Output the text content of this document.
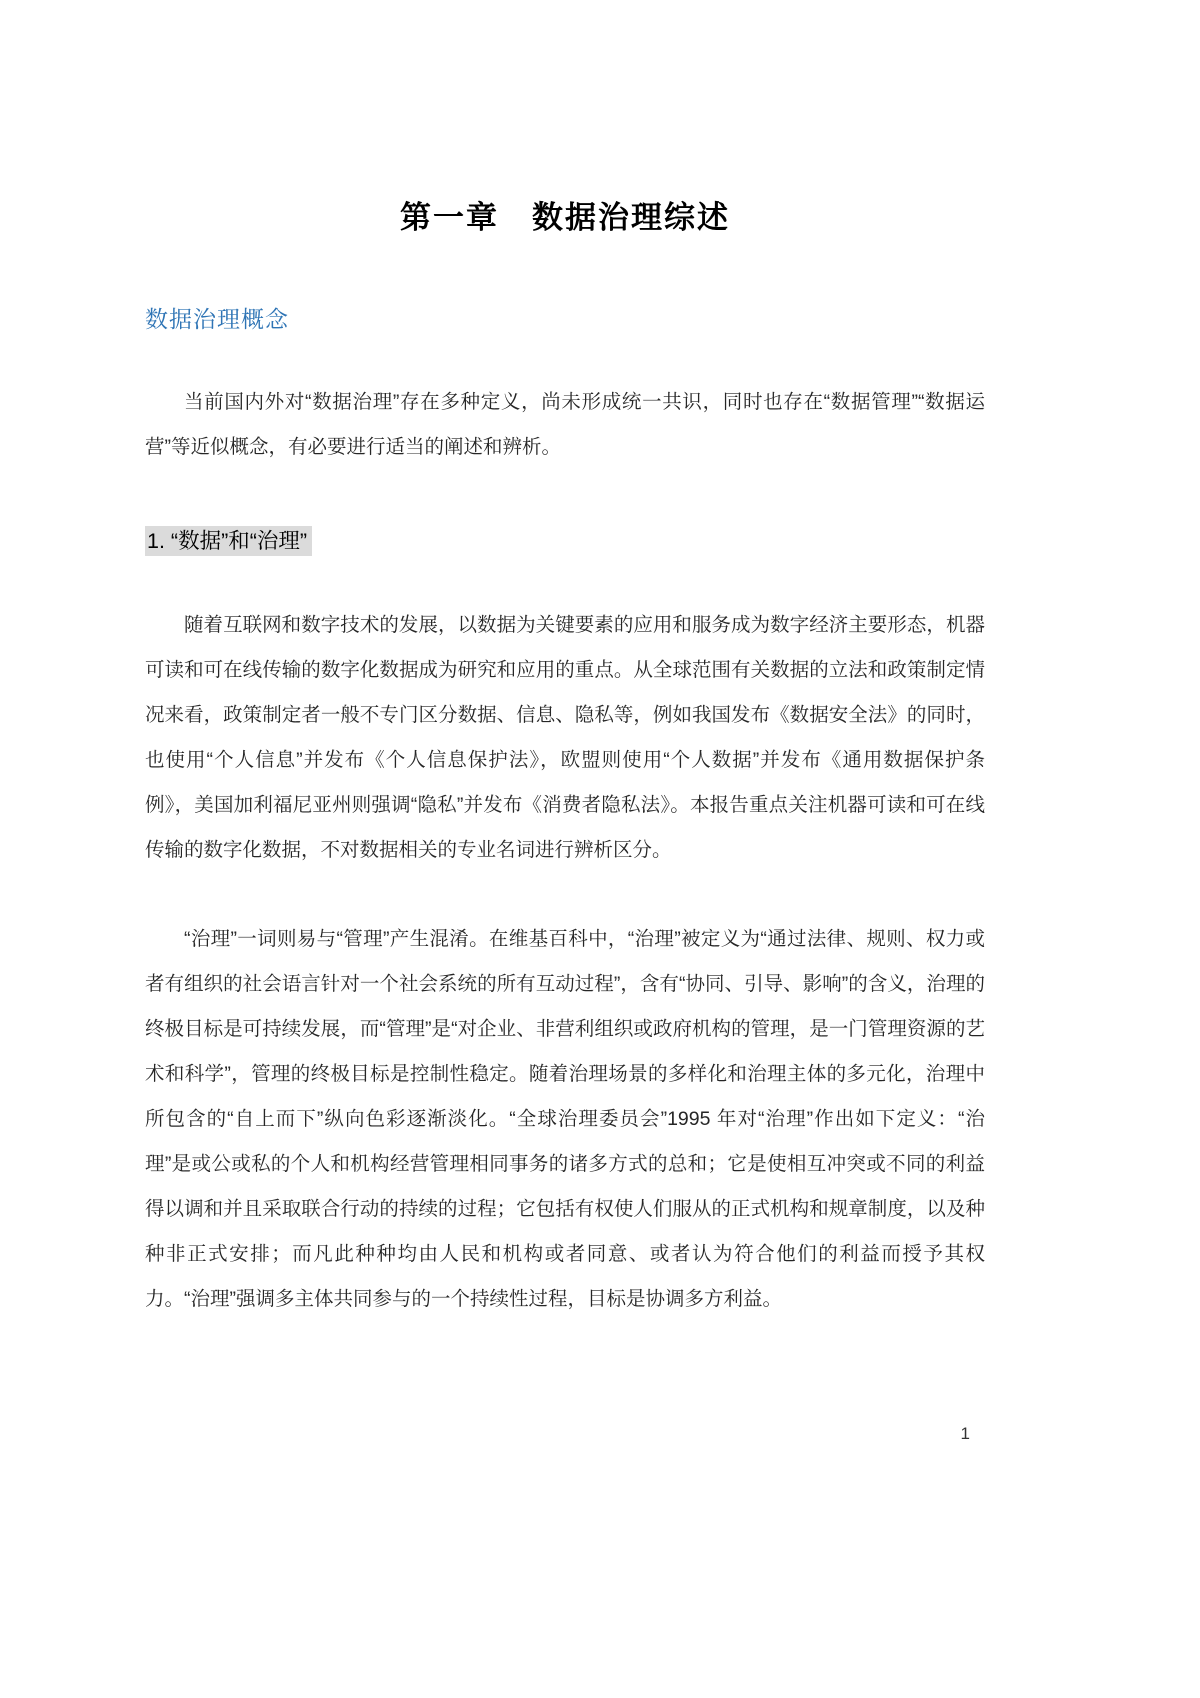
第一章　数据治理综述
数据治理概念

当前国内外对“数据治理”存在多种定义，尚未形成统一共识，同时也存在“数据管理”“数据运营”等近似概念，有必要进行适当的阐述和辨析。

1. “数据”和“治理”

随着互联网和数字技术的发展，以数据为关键要素的应用和服务成为数字经济主要形态，机器可读和可在线传输的数字化数据成为研究和应用的重点。从全球范围有关数据的立法和政策制定情况来看，政策制定者一般不专门区分数据、信息、隐私等，例如我国发布《数据安全法》的同时，也使用“个人信息”并发布《个人信息保护法》，欧盟则使用“个人数据”并发布《通用数据保护条例》，美国加利福尼亚州则强调“隐私”并发布《消费者隐私法》。本报告重点关注机器可读和可在线传输的数字化数据，不对数据相关的专业名词进行辨析区分。

“治理”一词则易与“管理”产生混淆。在维基百科中，“治理”被定义为“通过法律、规则、权力或者有组织的社会语言针对一个社会系统的所有互动过程”，含有“协同、引导、影响”的含义，治理的终极目标是可持续发展，而“管理”是“对企业、非营利组织或政府机构的管理，是一门管理资源的艺术和科学”，管理的终极目标是控制性稳定。随着治理场景的多样化和治理主体的多元化，治理中所包含的“自上而下”纵向色彩逐渐淡化。“全球治理委员会”1995 年对“治理”作出如下定义：“治理”是或公或私的个人和机构经营管理相同事务的诸多方式的总和；它是使相互冲突或不同的利益得以调和并且采取联合行动的持续的过程；它包括有权使人们服从的正式机构和规章制度，以及种种非正式安排；而凡此种种均由人民和机构或者同意、或者认为符合他们的利益而授予其权力。“治理”强调多主体共同参与的一个持续性过程，目标是协调多方利益。

1
